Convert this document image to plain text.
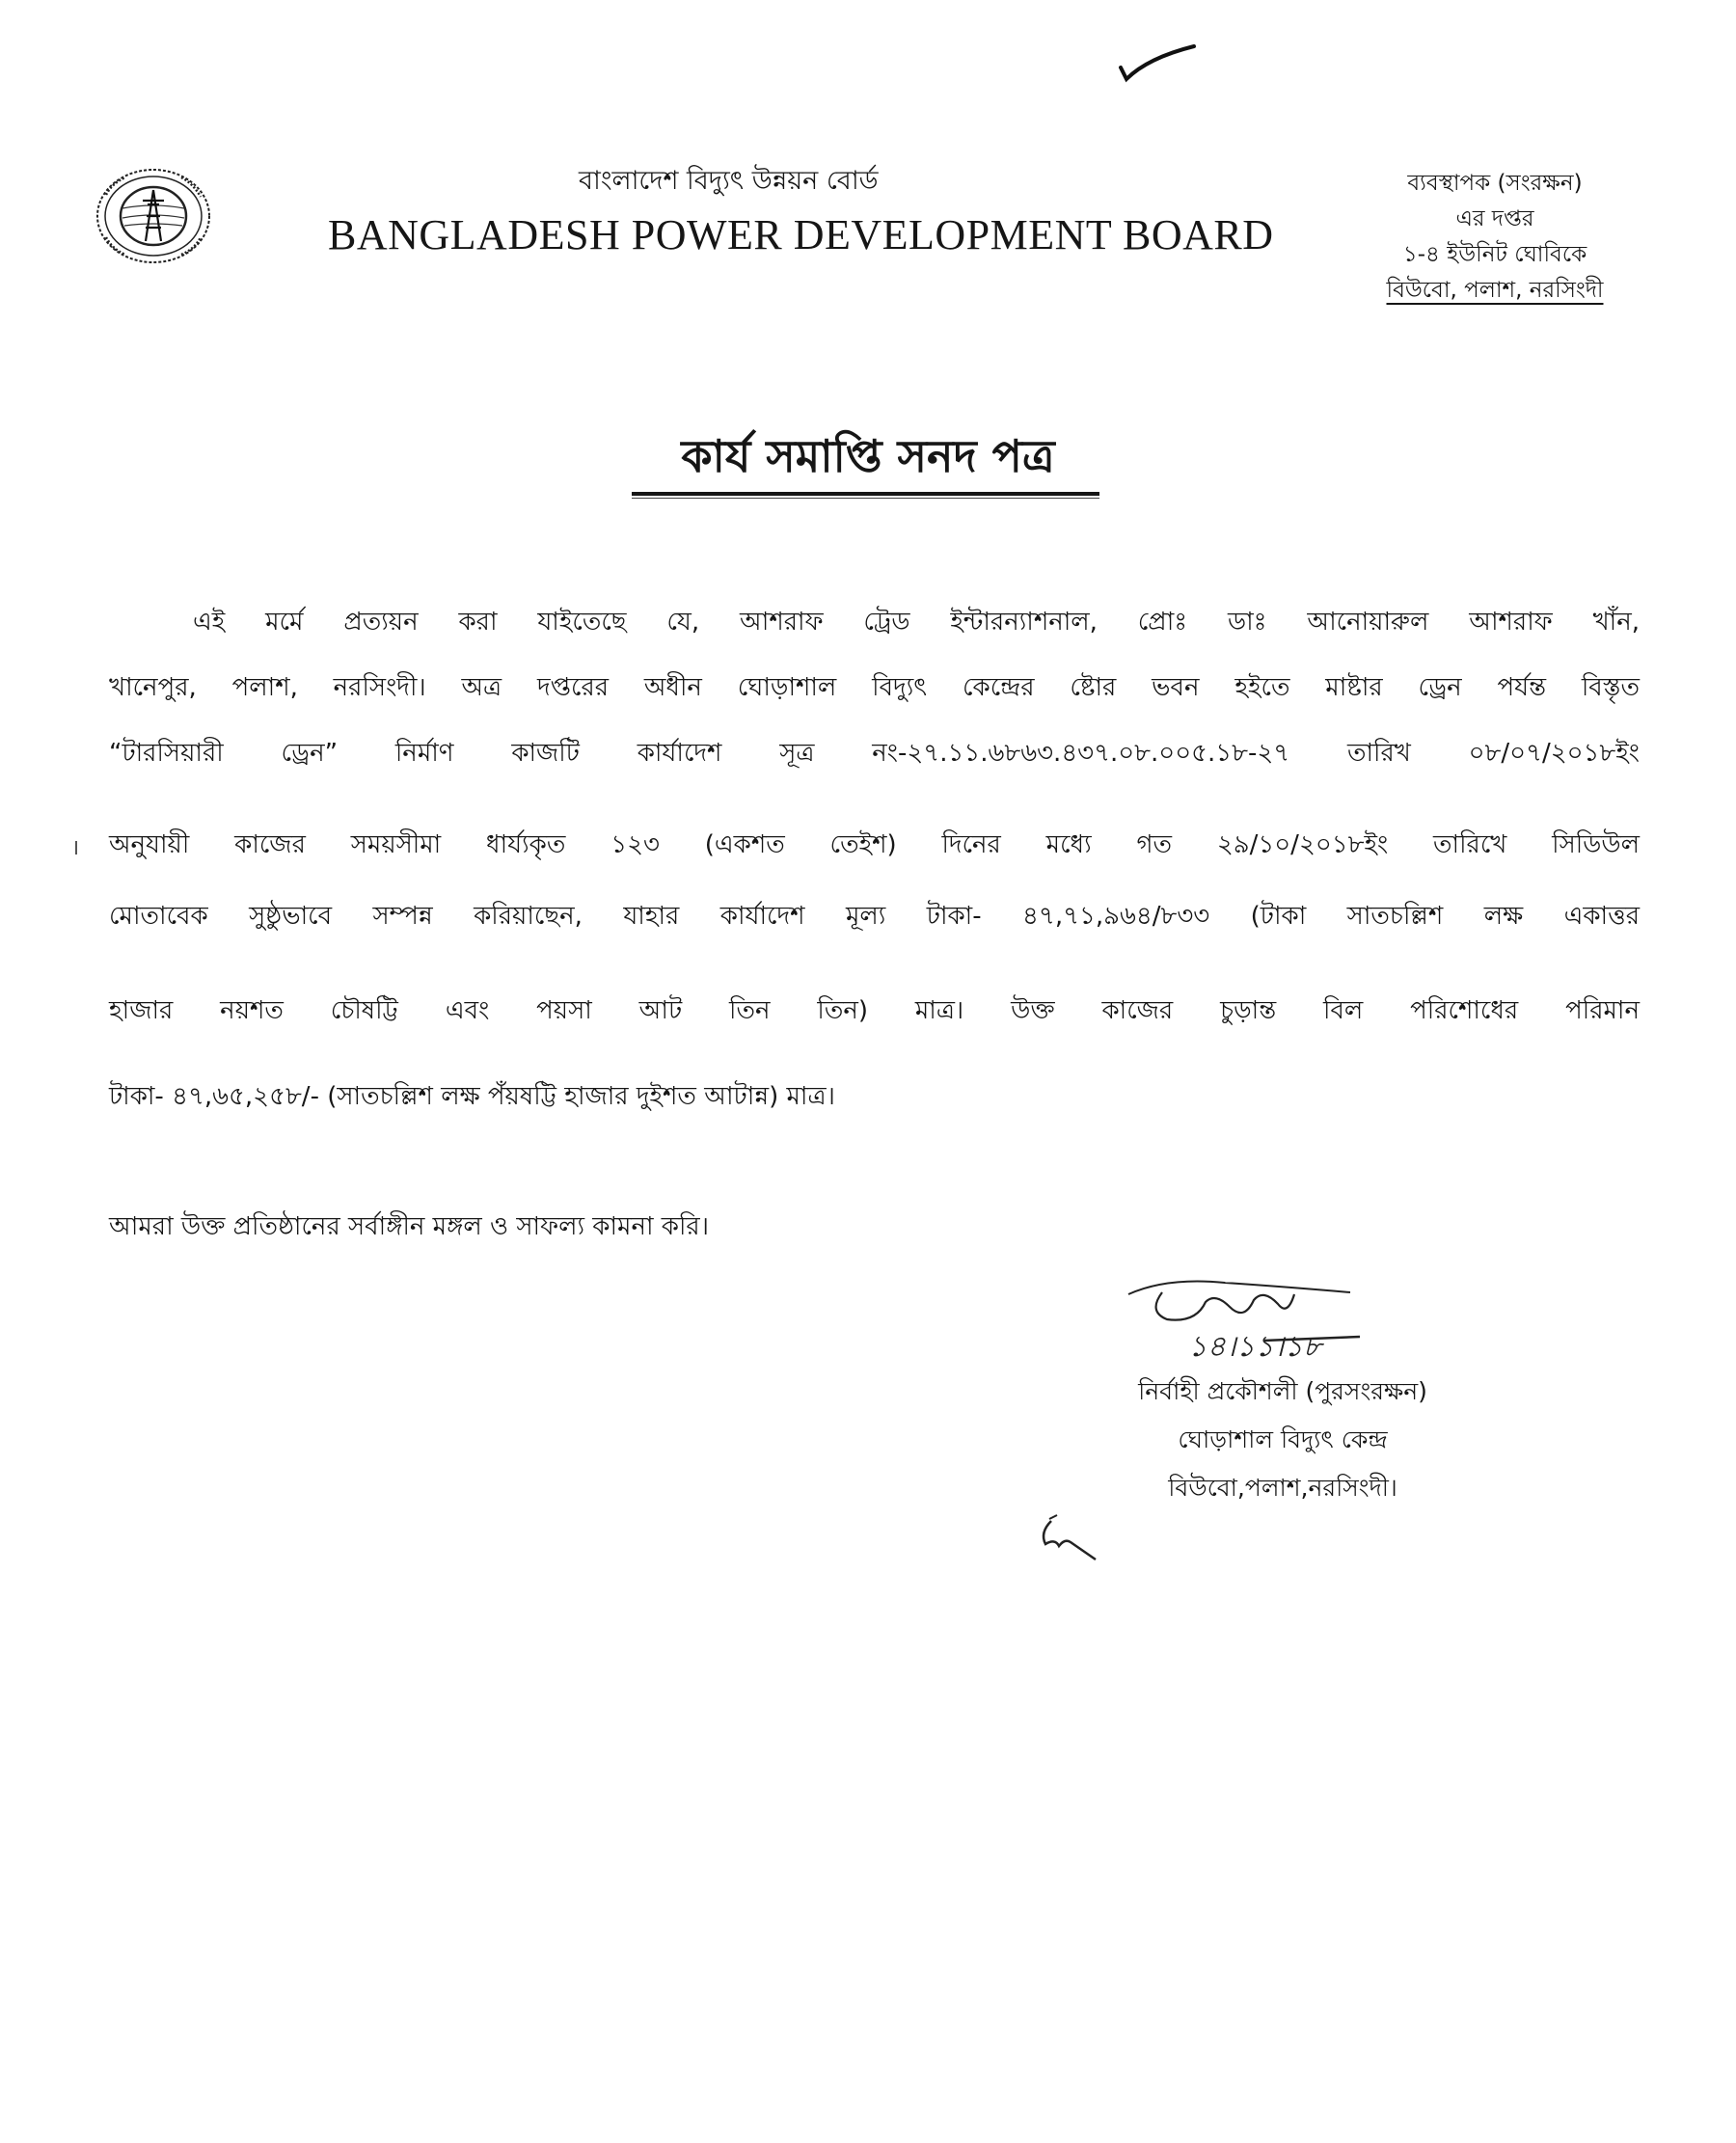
বাংলাদেশ বিদ্যুৎ উন্নয়ন বোর্ড
BANGLADESH POWER DEVELOPMENT BOARD
ব্যবস্থাপক (সংরক্ষন)
এর দপ্তর
১-৪ ইউনিট ঘোবিকে
বিউবো, পলাশ, নরসিংদী
কার্য সমাপ্তি সনদ পত্র
এই মর্মে প্রত্যয়ন করা যাইতেছে যে, আশরাফ ট্রেড ইন্টারন্যাশনাল, প্রোঃ ডাঃ আনোয়ারুল আশরাফ খাঁন,
খানেপুর, পলাশ, নরসিংদী। অত্র দপ্তরের অধীন ঘোড়াশাল বিদ্যুৎ কেন্দ্রের ষ্টোর ভবন হইতে মাষ্টার ড্রেন পর্যন্ত বিস্তৃত
“টারসিয়ারী ড্রেন” নির্মাণ কাজটি কার্যাদেশ সূত্র নং-২৭.১১.৬৮৬৩.৪৩৭.০৮.০০৫.১৮-২৭ তারিখ ০৮/০৭/২০১৮ইং
অনুযায়ী কাজের সময়সীমা ধার্য্যকৃত ১২৩ (একশত তেইশ) দিনের মধ্যে গত ২৯/১০/২০১৮ইং তারিখে সিডিউল
মোতাবেক সুষ্ঠুভাবে সম্পন্ন করিয়াছেন, যাহার কার্যাদেশ মূল্য টাকা- ৪৭,৭১,৯৬৪/৮৩৩ (টাকা সাতচল্লিশ লক্ষ একাত্তর
হাজার নয়শত চৌষট্টি এবং পয়সা আট তিন তিন) মাত্র। উক্ত কাজের চুড়ান্ত বিল পরিশোধের পরিমান
টাকা- ৪৭,৬৫,২৫৮/- (সাতচল্লিশ লক্ষ পঁয়ষট্টি হাজার দুইশত আটান্ন) মাত্র।
আমরা উক্ত প্রতিষ্ঠানের সর্বাঙ্গীন মঙ্গল ও সাফল্য কামনা করি।
১৪।১১।১৮
নির্বাহী প্রকৌশলী (পুরসংরক্ষন)
ঘোড়াশাল বিদ্যুৎ কেন্দ্র
বিউবো,পলাশ,নরসিংদী।
